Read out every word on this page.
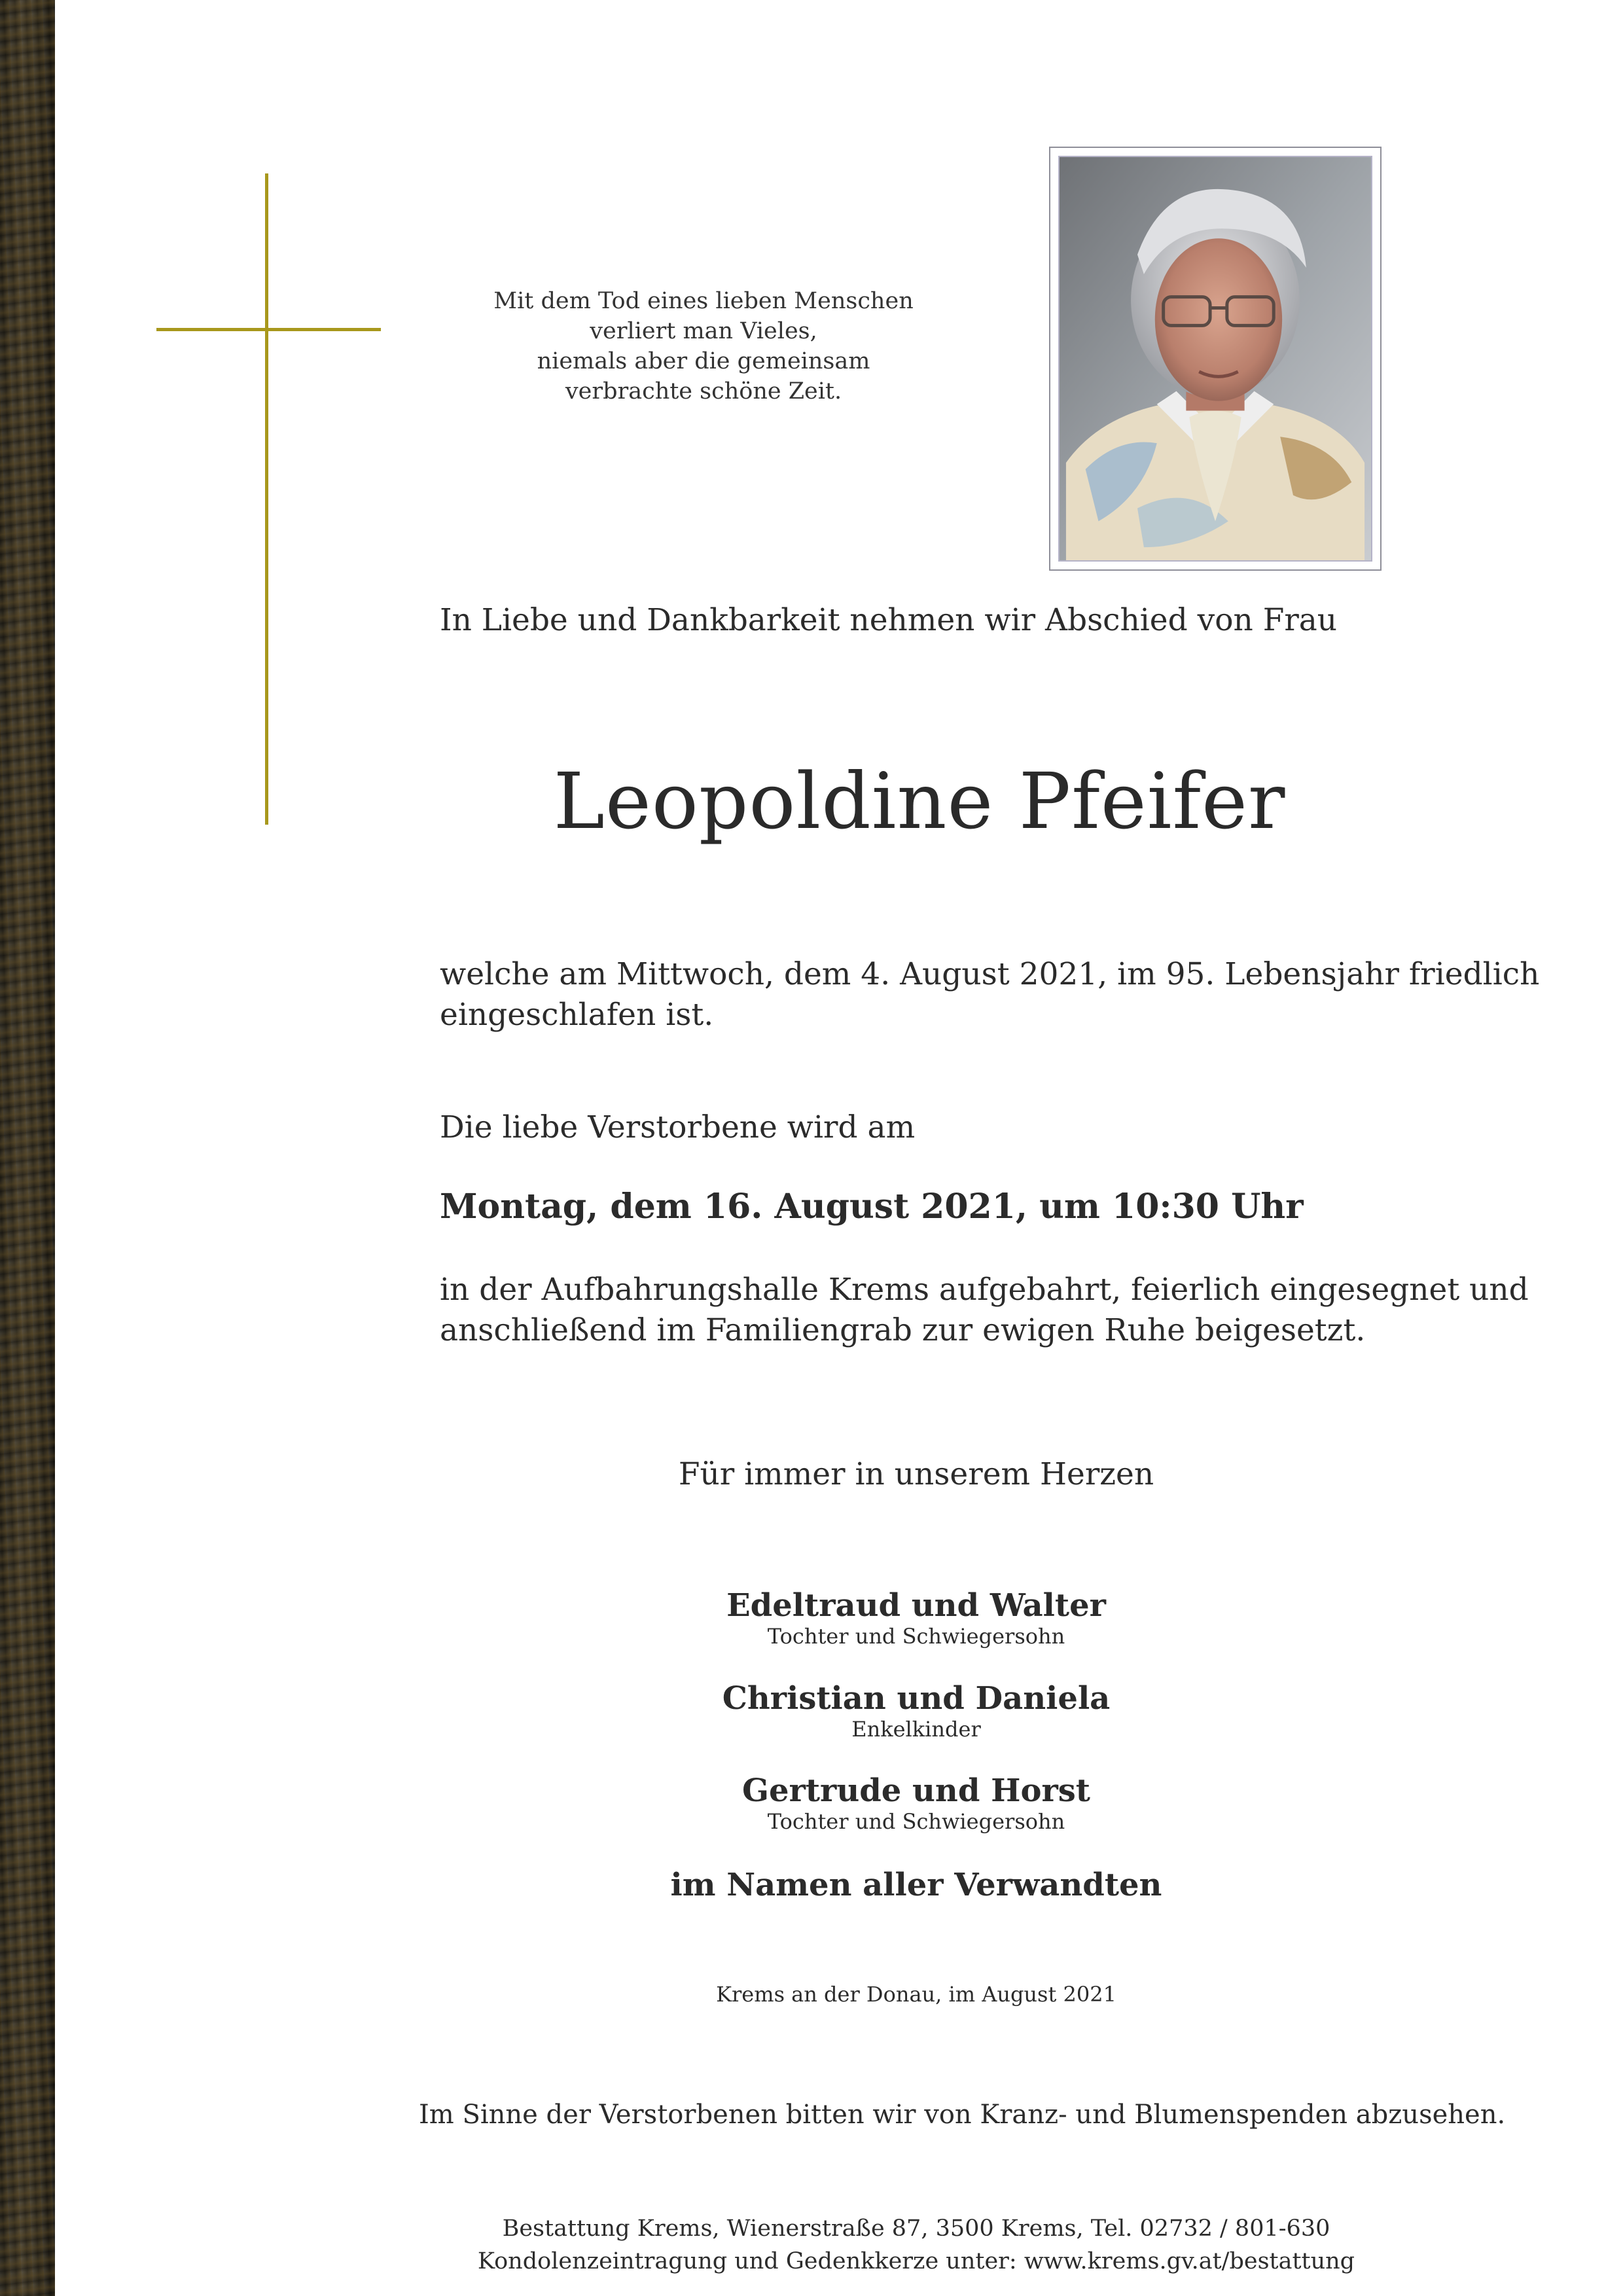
Mit dem Tod eines lieben Menschen
verliert man Vieles,
niemals aber die gemeinsam
verbrachte schöne Zeit.
In Liebe und Dankbarkeit nehmen wir Abschied von Frau
Leopoldine Pfeifer
welche am Mittwoch, dem 4. August 2021, im 95. Lebensjahr friedlich
eingeschlafen ist.
Die liebe Verstorbene wird am
Montag, dem 16. August 2021, um 10:30 Uhr
in der Aufbahrungshalle Krems aufgebahrt, feierlich eingesegnet und
anschließend im Familiengrab zur ewigen Ruhe beigesetzt.
Für immer in unserem Herzen
Edeltraud und Walter
Tochter und Schwiegersohn
Christian und Daniela
Enkelkinder
Gertrude und Horst
Tochter und Schwiegersohn
im Namen aller Verwandten
Krems an der Donau, im August 2021
Im Sinne der Verstorbenen bitten wir von Kranz- und Blumenspenden abzusehen.
Bestattung Krems, Wienerstraße 87, 3500 Krems, Tel. 02732 / 801-630
Kondolenzeintragung und Gedenkkerze unter: www.krems.gv.at/bestattung
